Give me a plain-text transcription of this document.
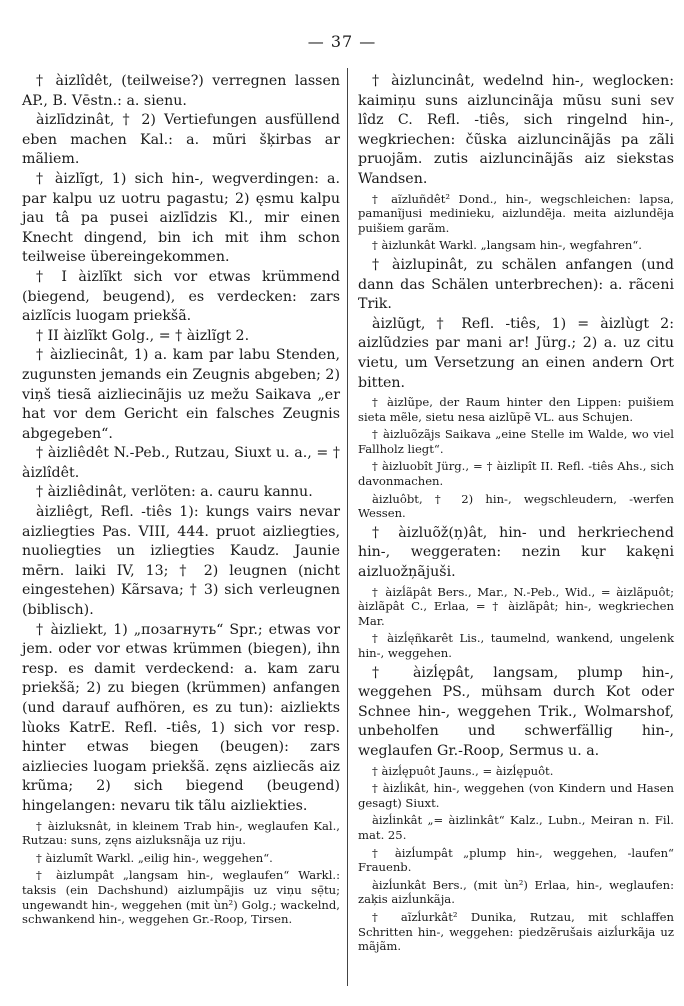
— 37 —

† àizlîdêt, (teilweise?) verregnen lassen AP., B. Vēstn.: a. sienu.

àizlīdzinât, † 2) Vertiefungen ausfüllend eben machen Kal.: a. mũri šķirbas ar mãliem.

† àizlĩgt, 1) sich hin-, wegverdingen: a. par kalpu uz uotru pagastu; 2) ęsmu kalpu jau tâ pa pusei aizlīdzis Kl., mir einen Knecht dingend, bin ich mit ihm schon teilweise übereingekommen.

† I àizlĩkt sich vor etwas krümmend (biegend, beugend), es verdecken: zars aizlĩcis luogam priekšã.

† II àizlĩkt Golg., = † àizlĩgt 2.

† àizliecinât, 1) a. kam par labu Stenden, zugunsten jemands ein Zeugnis abgeben; 2) viņš tiesã aizliecinãjis uz mežu Saikava „er hat vor dem Gericht ein falsches Zeugnis abgegeben“.

† àizliêdêt N.-Peb., Rutzau, Siuxt u. a., = † àizlîdêt.

† àizliêdinât, verlöten: a. cauru kannu.

àizliêgt, Refl. -tiês 1): kungs vairs nevar aizliegties Pas. VIII, 444. pruot aizliegties, nuoliegties un izliegties Kaudz. Jaunie mērn. laiki IV, 13; † 2) leugnen (nicht eingestehen) Kãrsava; † 3) sich verleugnen (biblisch).

† àizliekt, 1) „позагнуть“ Spr.; etwas vor jem. oder vor etwas krümmen (biegen), ihn resp. es damit verdeckend: a. kam zaru priekšã; 2) zu biegen (krümmen) anfangen (und darauf aufhören, es zu tun): aizliekts lùoks KatrE. Refl. -tiês, 1) sich vor resp. hinter etwas biegen (beugen): zars aizliecies luogam priekšã. zęns aizliecãs aiz krũma; 2) sich biegend (beugend) hingelangen: nevaru tik tãlu aizliekties.

† àizluksnât, in kleinem Trab hin-, weglaufen Kal., Rutzau: suns, zęns aizluksnãja uz riju.

† àizlumît Warkl. „eilig hin-, weggehen“.

† àizlumpât „langsam hin-, weglaufen“ Warkl.: taksis (ein Dachshund) aizlumpãjis uz viņu sẹ̄tu; ungewandt hin-, weggehen (mit ùn²) Golg.; wackelnd, schwankend hin-, weggehen Gr.-Roop, Tirsen.

† àizluncinât, wedelnd hin-, weglocken: kaimiņu suns aizluncinãja mũsu suni sev lîdz C. Refl. -tiês, sich ringelnd hin-, wegkriechen: čũska aizluncinãjãs pa zãli pruojãm. zutis aizluncinãjãs aiz siekstas Wandsen.

† aĩzluñdêt² Dond., hin-, wegschleichen: lapsa, pamanĩjusi medinieku, aizlundẽja. meita aizlundẽja puišiem garãm.

† àizlunkât Warkl. „langsam hin-, wegfahren“.

† àizlupinât, zu schälen anfangen (und dann das Schälen unterbrechen): a. rãceni Trik.

àizlũgt, † Refl. -tiês, 1) = àizlùgt 2: aizlũdzies par mani ar! Jürg.; 2) a. uz citu vietu, um Versetzung an einen andern Ort bitten.

† àizlũpe, der Raum hinter den Lippen: puišiem sieta mẽle, sietu nesa aizlũpẽ VL. aus Schujen.

† àizluõzãjs Saikava „eine Stelle im Walde, wo viel Fallholz liegt“.

† àizluobît Jürg., = † àizlipît II. Refl. -tiês Ahs., sich davonmachen.

àizluôbt, † 2) hin-, wegschleudern, -werfen Wessen.

† àizluõž(ņ)ât, hin- und herkriechend hin-, weggeraten: nezin kur kakęni aizluožņãjuši.

† àizĺãpât Bers., Mar., N.-Peb., Wid., = àizlãpuôt; àizlãpât C., Erlaa, = † àizlãpât; hin-, wegkriechen Mar.

† àizĺęñkarêt Lis., taumelnd, wankend, ungelenk hin-, weggehen.

† àizĺęрât, langsam, plump hin-, weggehen PS., mühsam durch Kot oder Schnee hin-, weggehen Trik., Wolmarshof, unbeholfen und schwerfällig hin-, weglaufen Gr.-Roop, Sermus u. a.

† àizĺępuôt Jauns., = àizĺępuôt.

† àizĺikât, hin-, weggehen (von Kindern und Hasen gesagt) Siuxt.

àizĺinkât „= àizlinkât“ Kalz., Lubn., Meiran n. Fil. mat. 25.

† àizĺumpât „plump hin-, weggehen, -laufen“ Frauenb.

àizĺunkât Bers., (mit ùn²) Erlaa, hin-, weglaufen: zaķis aizĺunkãja.

† aĩzĺurkât² Dunika, Rutzau, mit schlaffen Schritten hin-, weggehen: piedzẽrušais aizĺurkãja uz mãjãm.
